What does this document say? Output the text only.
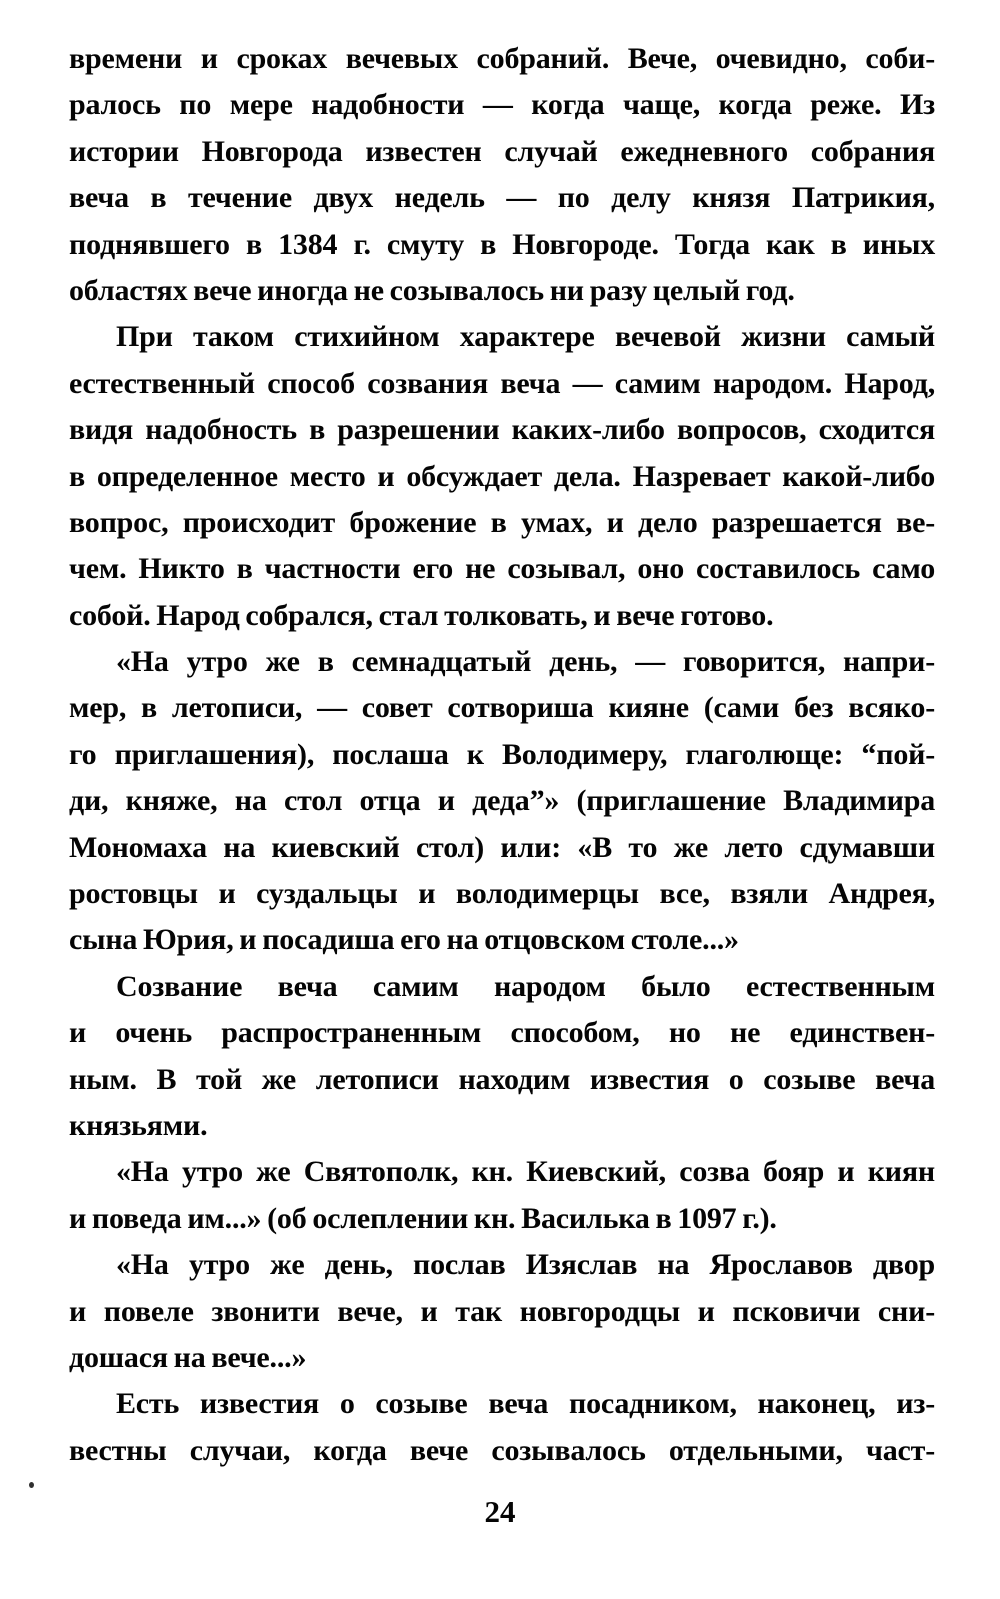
времени и сроках вечевых собраний. Вече, очевидно, соби-

ралось по мере надобности — когда чаще, когда реже. Из

истории Новгорода известен случай ежедневного собрания

веча в течение двух недель — по делу князя Патрикия,

поднявшего в 1384 г. смуту в Новгороде. Тогда как в иных

областях вече иногда не созывалось ни разу целый год.

При таком стихийном характере вечевой жизни самый

естественный способ созвания веча — самим народом. Народ,

видя надобность в разрешении каких-либо вопросов, сходится

в определенное место и обсуждает дела. Назревает какой-либо

вопрос, происходит брожение в умах, и дело разрешается ве-

чем. Никто в частности его не созывал, оно составилось само

собой. Народ собрался, стал толковать, и вече готово.

«На утро же в семнадцатый день, — говорится, напри-

мер, в летописи, — совет сотвориша кияне (сами без всяко-

го приглашения), послаша к Володимеру, глаголюще: “пой-

ди, княже, на стол отца и деда”» (приглашение Владимира

Мономаха на киевский стол) или: «В то же лето сдумавши

ростовцы и суздальцы и володимерцы все, взяли Андрея,

сына Юрия, и посадиша его на отцовском столе...»

Созвание веча самим народом было естественным

и очень распространенным способом, но не единствен-

ным. В той же летописи находим известия о созыве веча

князьями.

«На утро же Святополк, кн. Киевский, созва бояр и киян

и поведа им...» (об ослеплении кн. Василька в 1097 г.).

«На утро же день, послав Изяслав на Ярославов двор

и повеле звонити вече, и так новгородцы и псковичи сни-

дошася на вече...»

Есть известия о созыве веча посадником, наконец, из-

вестны случаи, когда вече созывалось отдельными, част-

24
